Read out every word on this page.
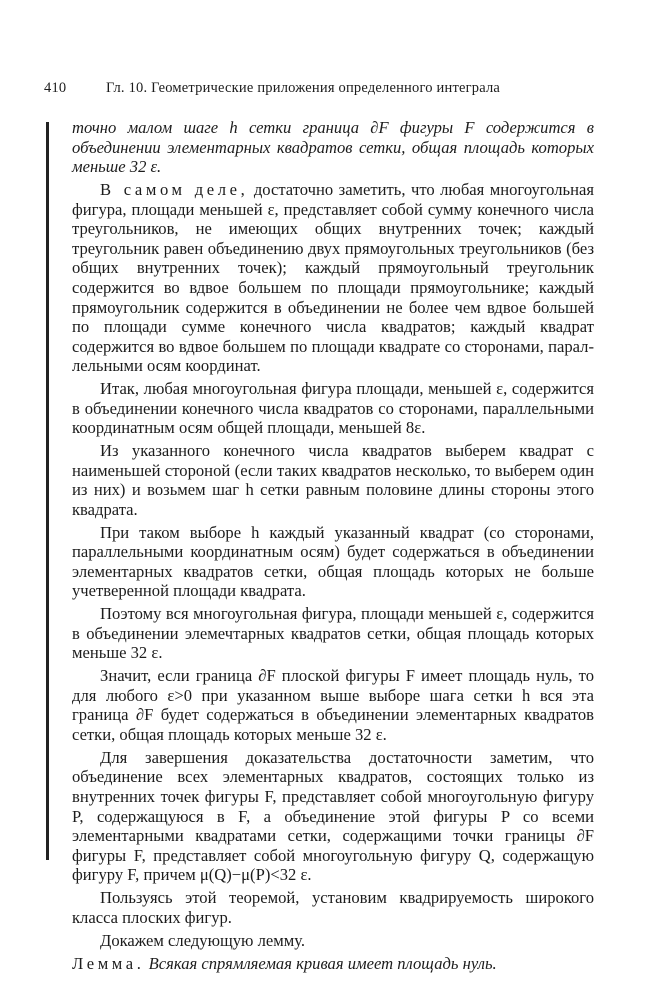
410	Гл. 10. Геометрические приложения определенного интеграла

точно малом шаге h сетки граница ∂F фигуры F содержится в объединении элементарных квадратов сетки, общая площадь которых меньше 32 ε.

В самом деле, достаточно заметить, что любая многоугольная фигура, площади меньшей ε, представляет собой сумму конечного числа треугольников, не имеющих общих внутренних точек; каждый треугольник равен объединению двух прямоугольных треугольников (без общих внутренних точек); каждый прямоугольный треугольник содержится во вдвое большем по площади прямоугольнике; каждый прямоугольник содержится в объединении не более чем вдвое большей по площади сумме конечного числа квадратов; каждый квадрат содержится во вдвое большем по площади квадрате со сторонами, параллельными осям координат.

Итак, любая многоугольная фигура площади, меньшей ε, содержится в объединении конечного числа квадратов со сторонами, параллельными координатным осям общей площади, меньшей 8ε.

Из указанного конечного числа квадратов выберем квадрат с наименьшей стороной (если таких квадратов несколько, то выберем один из них) и возьмем шаг h сетки равным половине длины стороны этого квадрата.

При таком выборе h каждый указанный квадрат (со сторонами, параллельными координатным осям) будет содержаться в объединении элементарных квадратов сетки, общая площадь которых не больше учетверенной площади квадрата.

Поэтому вся многоугольная фигура, площади меньшей ε, содержится в объединении элемечтарных квадратов сетки, общая площадь которых меньше 32 ε.

Значит, если граница ∂F плоской фигуры F имеет площадь нуль, то для любого ε>0 при указанном выше выборе шага сетки h вся эта граница ∂F будет содержаться в объединении элементарных квадратов сетки, общая площадь которых меньше 32 ε.

Для завершения доказательства достаточности заметим, что объединение всех элементарных квадратов, состоящих только из внутренних точек фигуры F, представляет собой многоугольную фигуру P, содержащуюся в F, а объединение этой фигуры P со всеми элементарными квадратами сетки, содержащими точки границы ∂F фигуры F, представляет собой многоугольную фигуру Q, содержащую фигуру F, причем μ(Q)−μ(P)<32 ε.

Пользуясь этой теоремой, установим квадрируемость широкого класса плоских фигур.

Докажем следующую лемму.

Лемма. Всякая спрямляемая кривая имеет площадь нуль.
